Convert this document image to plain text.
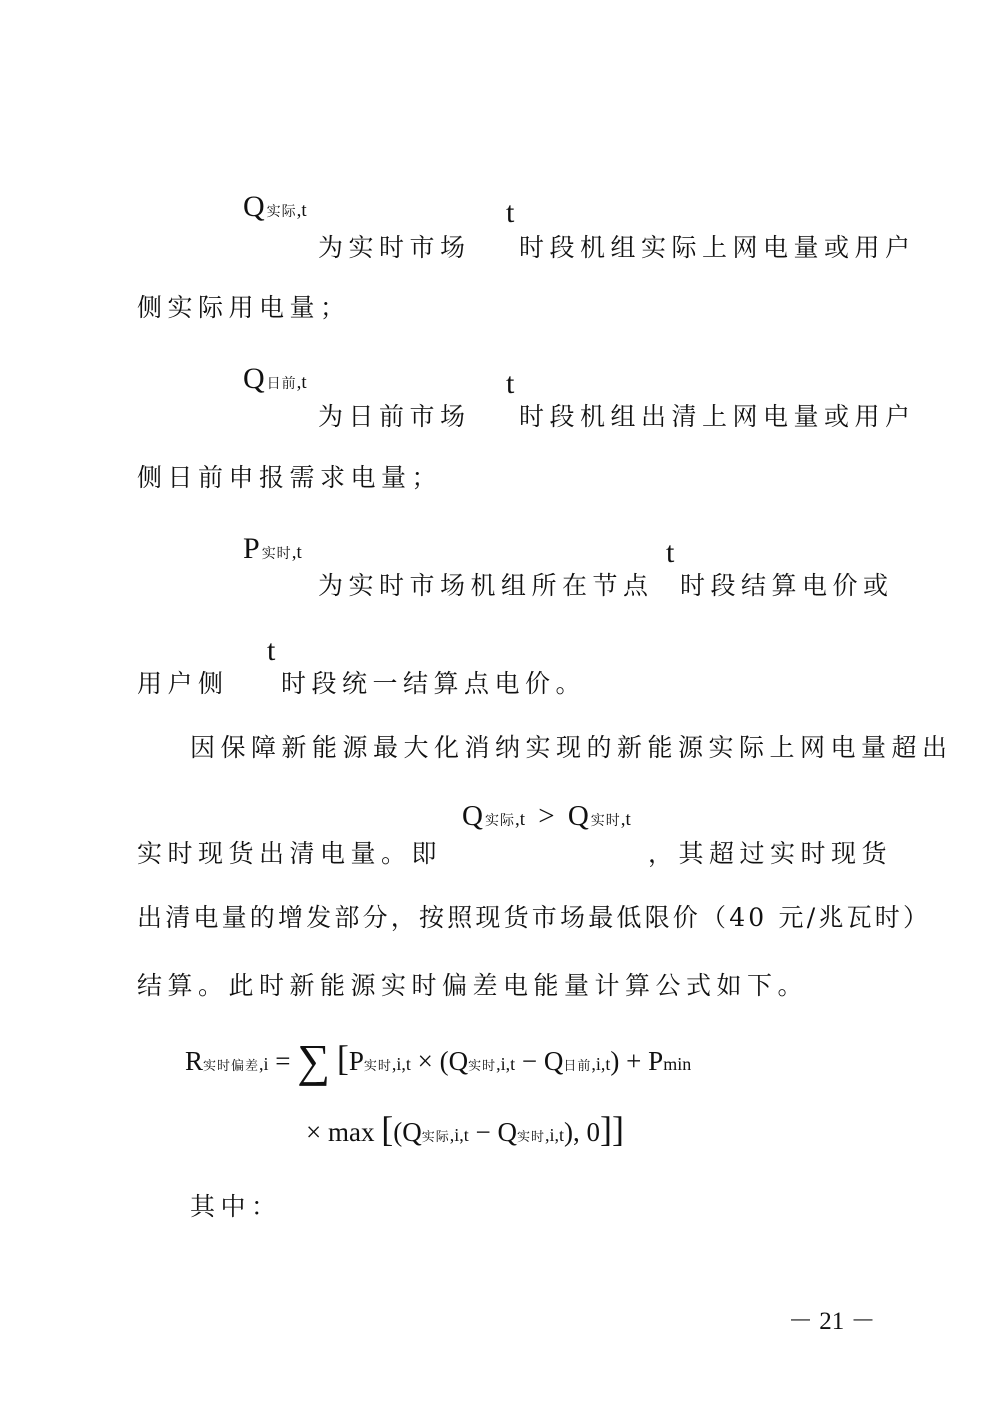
Q实际,t
为实时市场
t
时段机组实际上网电量或用户
侧实际用电量；
Q日前,t
为日前市场
t
时段机组出清上网电量或用户
侧日前申报需求电量；
P实时,t
为实时市场机组所在节点
t
时段结算电价或
用户侧
t
时段统一结算点电价。
因保障新能源最大化消纳实现的新能源实际上网电量超出
实时现货出清电量。即
Q实际,t > Q 实时,t
，其超过实时现货
出清电量的增发部分，按照现货市场最低限价（40 元/兆瓦时）
结算。此时新能源实时偏差电能量计算公式如下。
R实时偏差,i = ∑ [P实时,i,t × (Q实时,i,t − Q日前,i,t) + Pmin
× max [(Q实际,i,t − Q实时,i,t), 0]]
其中：
－ 21 －
